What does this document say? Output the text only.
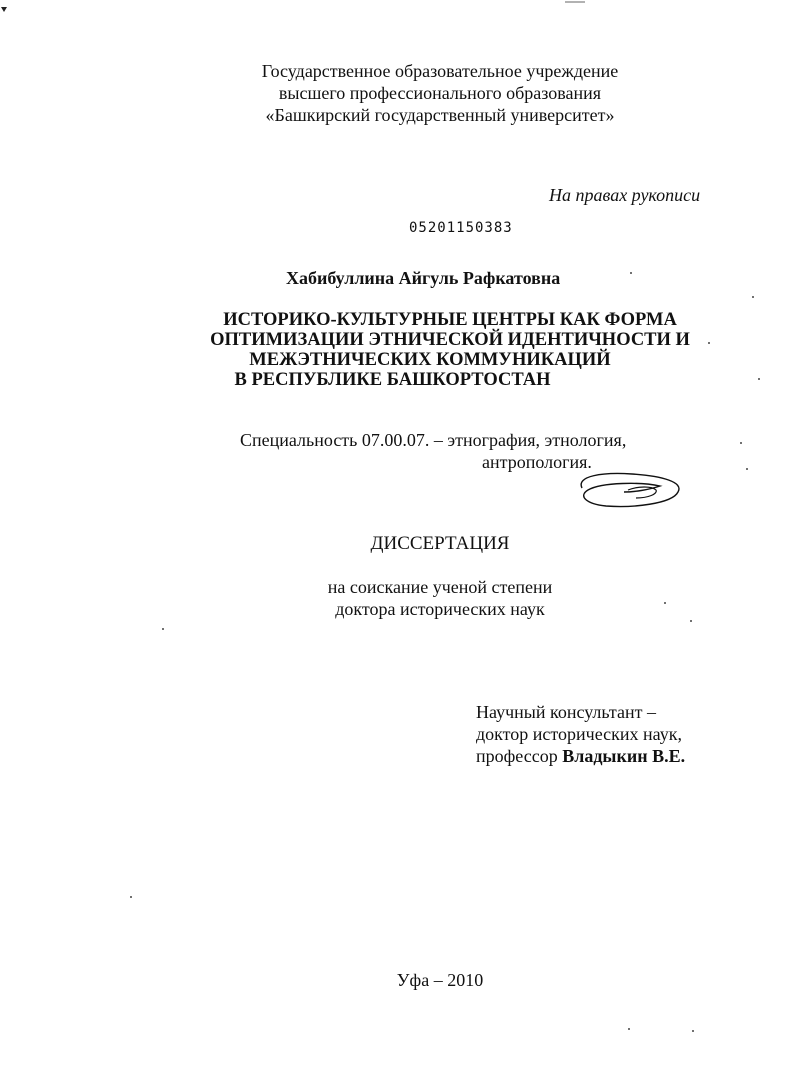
Государственное образовательное учреждение
высшего профессионального образования
«Башкирский государственный университет»
На правах рукописи
05201150383
Хабибуллина Айгуль Рафкатовна
ИСТОРИКО-КУЛЬТУРНЫЕ ЦЕНТРЫ КАК ФОРМА
ОПТИМИЗАЦИИ ЭТНИЧЕСКОЙ ИДЕНТИЧНОСТИ И
МЕЖЭТНИЧЕСКИХ КОММУНИКАЦИЙ
В РЕСПУБЛИКЕ БАШКОРТОСТАН
Специальность 07.00.07. – этнография, этнология,
антропология.
ДИССЕРТАЦИЯ
на соискание ученой степени
доктора исторических наук
Научный консультант –
доктор исторических наук,
профессор Владыкин В.Е.
Уфа – 2010
